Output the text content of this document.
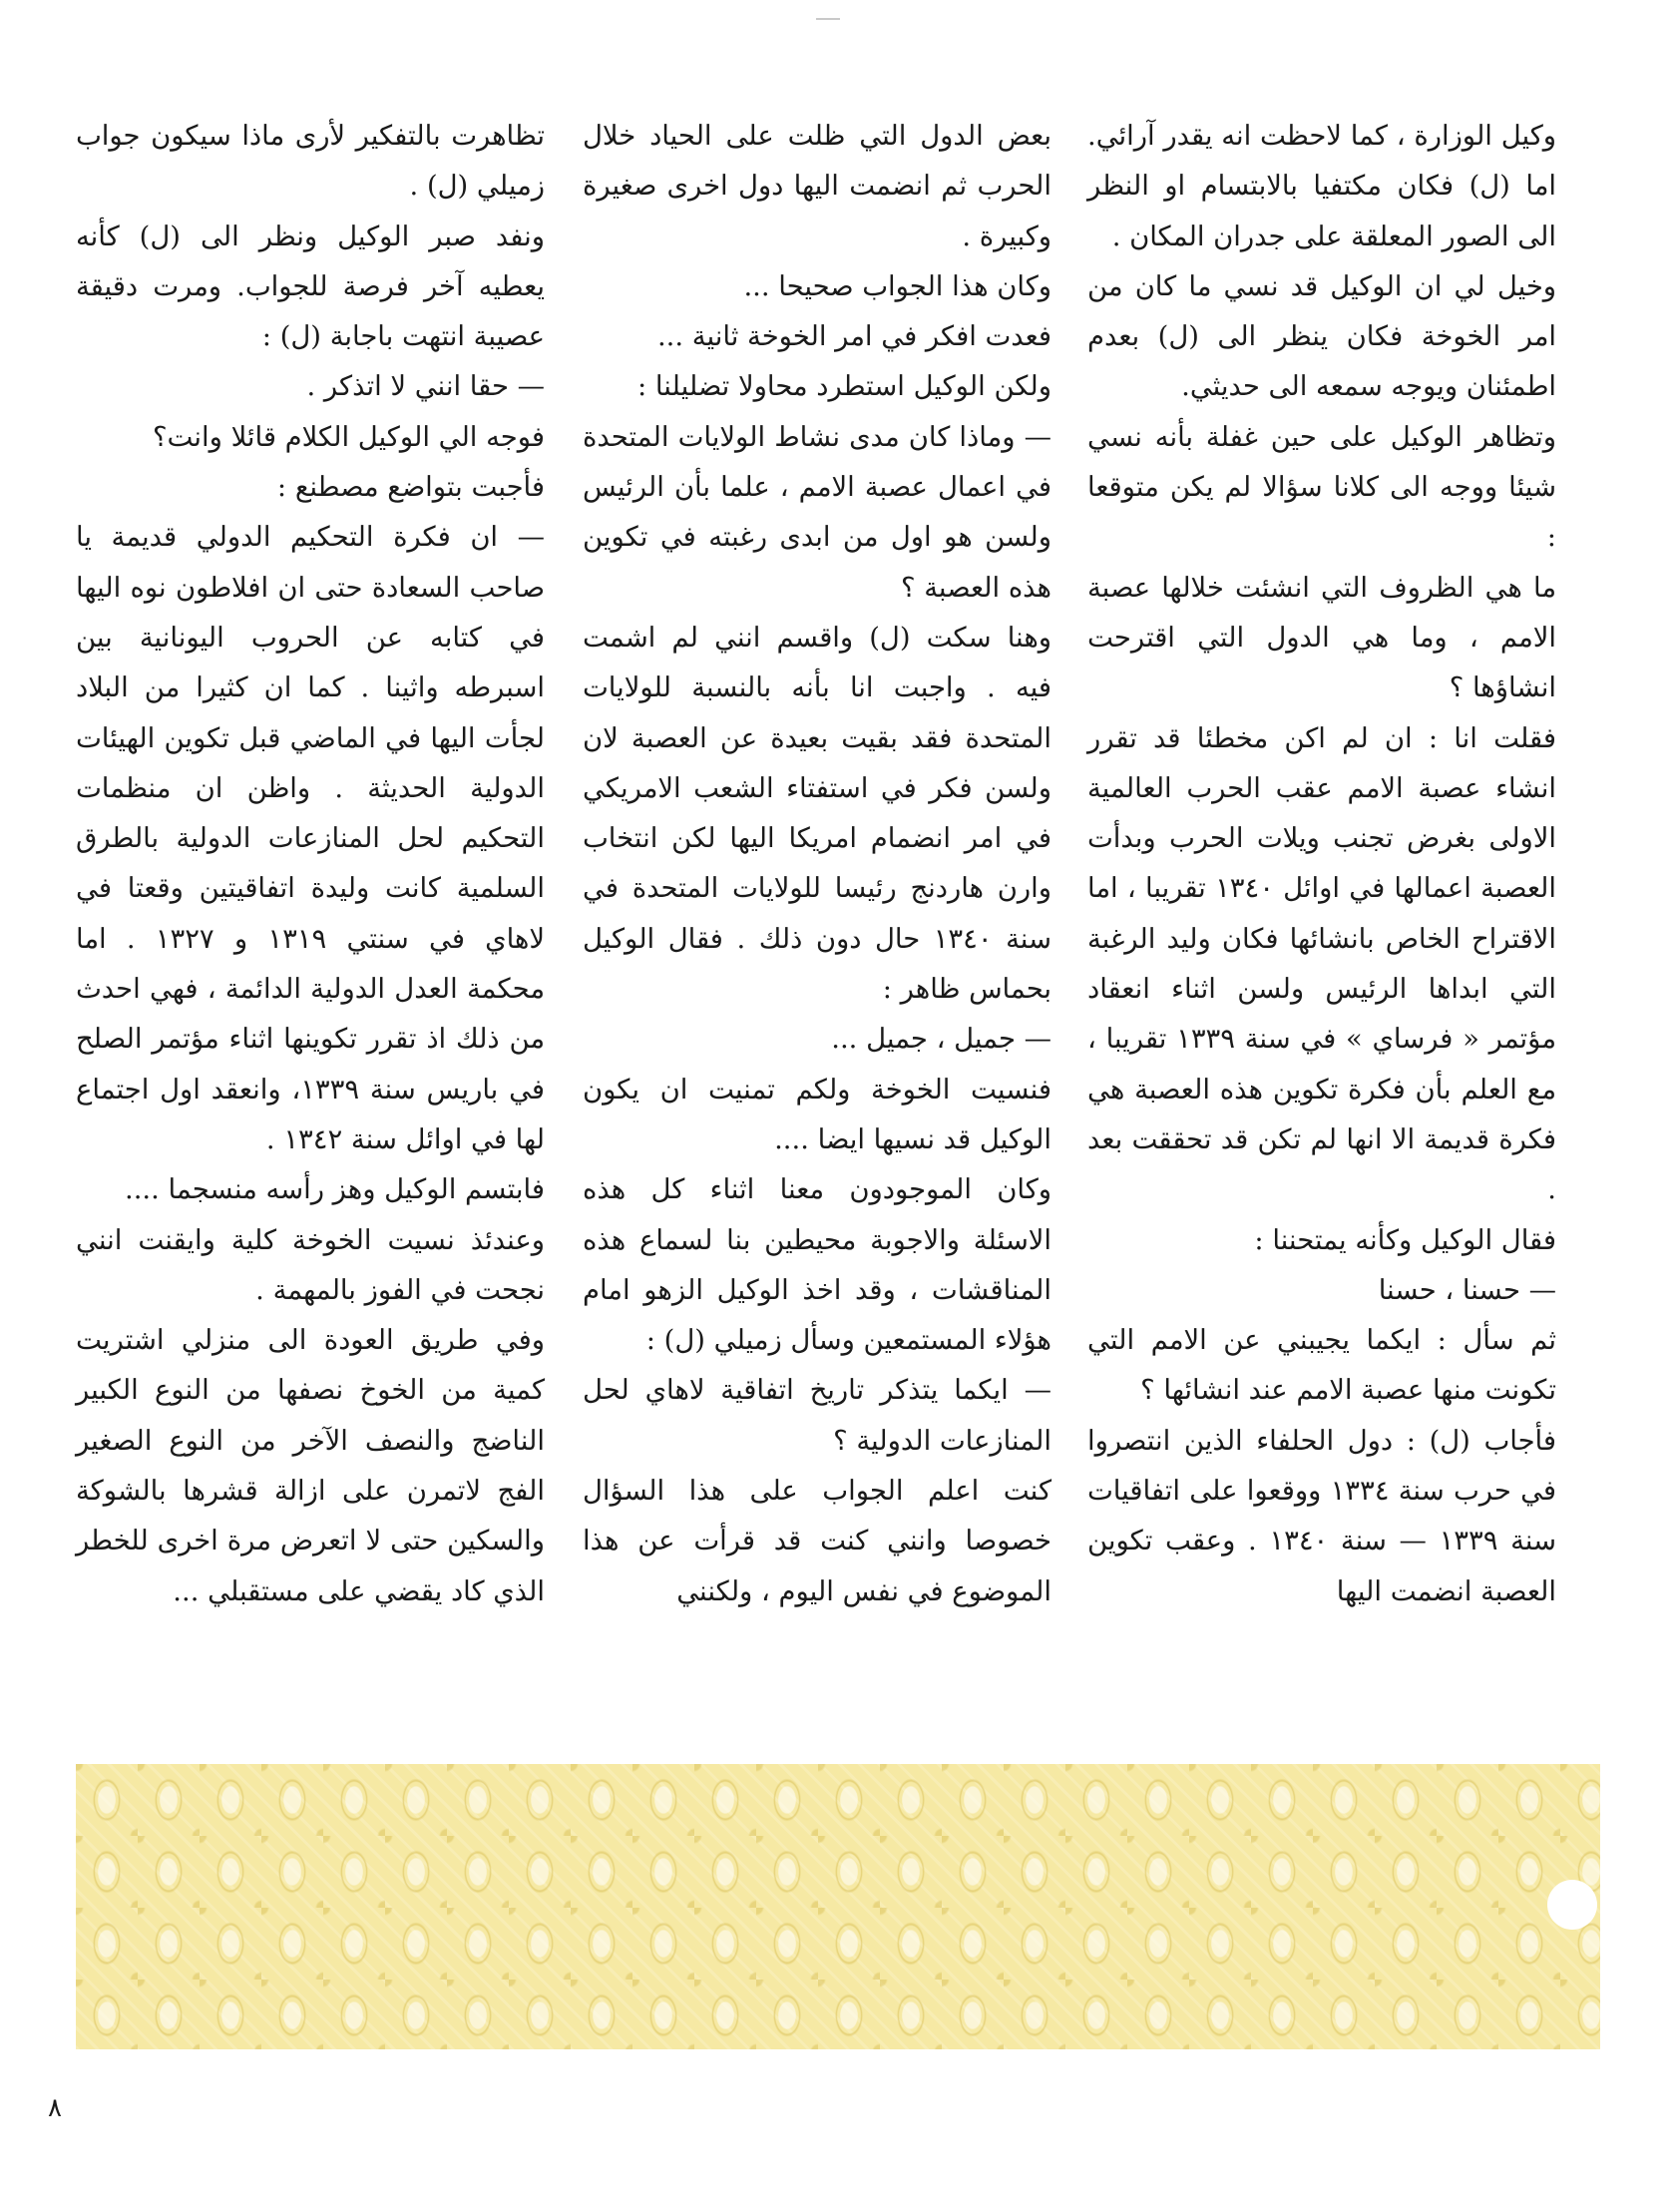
وكيل الوزارة ، كما لاحظت انه يقدر آرائي. اما (ل) فكان مكتفيا بالابتسام او النظر الى الصور المعلقة على جدران المكان .

وخيل لي ان الوكيل قد نسي ما كان من امر الخوخة فكان ينظر الى (ل) بعدم اطمئنان ويوجه سمعه الى حديثي.

وتظاهر الوكيل على حين غفلة بأنه نسي شيئا ووجه الى كلانا سؤالا لم يكن متوقعا :

ما هي الظروف التي انشئت خلالها عصبة الامم ، وما هي الدول التي اقترحت انشاؤها ؟

فقلت انا : ان لم اكن مخطئا قد تقرر انشاء عصبة الامم عقب الحرب العالمية الاولى بغرض تجنب ويلات الحرب وبدأت العصبة اعمالها في اوائل ١٣٤٠ تقريبا ، اما الاقتراح الخاص بانشائها فكان وليد الرغبة التي ابداها الرئيس ولسن اثناء انعقاد مؤتمر « فرساي » في سنة ١٣٣٩ تقريبا ، مع العلم بأن فكرة تكوين هذه العصبة هي فكرة قديمة الا انها لم تكن قد تحققت بعد .

فقال الوكيل وكأنه يمتحننا :

— حسنا ، حسنا

ثم سأل : ايكما يجيبني عن الامم التي تكونت منها عصبة الامم عند انشائها ؟

فأجاب (ل) : دول الحلفاء الذين انتصروا في حرب سنة ١٣٣٤ ووقعوا على اتفاقيات سنة ١٣٣٩ — سنة ١٣٤٠ . وعقب تكوين العصبة انضمت اليها

بعض الدول التي ظلت على الحياد خلال الحرب ثم انضمت اليها دول اخرى صغيرة وكبيرة .

وكان هذا الجواب صحيحا ...

فعدت افكر في امر الخوخة ثانية ...

ولكن الوكيل استطرد محاولا تضليلنا :

— وماذا كان مدى نشاط الولايات المتحدة في اعمال عصبة الامم ، علما بأن الرئيس ولسن هو اول من ابدى رغبته في تكوين هذه العصبة ؟

وهنا سكت (ل) واقسم انني لم اشمت فيه . واجبت انا بأنه بالنسبة للولايات المتحدة فقد بقيت بعيدة عن العصبة لان ولسن فكر في استفتاء الشعب الامريكي في امر انضمام امريكا اليها لكن انتخاب وارن هاردنج رئيسا للولايات المتحدة في سنة ١٣٤٠ حال دون ذلك . فقال الوكيل بحماس ظاهر :

— جميل ، جميل ...

فنسيت الخوخة ولكم تمنيت ان يكون الوكيل قد نسيها ايضا ....

وكان الموجودون معنا اثناء كل هذه الاسئلة والاجوبة محيطين بنا لسماع هذه المناقشات ، وقد اخذ الوكيل الزهو امام هؤلاء المستمعين وسأل زميلي (ل) :

— ايكما يتذكر تاريخ اتفاقية لاهاي لحل المنازعات الدولية ؟

كنت اعلم الجواب على هذا السؤال خصوصا وانني كنت قد قرأت عن هذا الموضوع في نفس اليوم ، ولكنني

تظاهرت بالتفكير لأرى ماذا سيكون جواب زميلي (ل) .

ونفد صبر الوكيل ونظر الى (ل) كأنه يعطيه آخر فرصة للجواب. ومرت دقيقة عصيبة انتهت باجابة (ل) :

— حقا انني لا اتذكر .

فوجه الي الوكيل الكلام قائلا وانت؟

فأجبت بتواضع مصطنع :

— ان فكرة التحكيم الدولي قديمة يا صاحب السعادة حتى ان افلاطون نوه اليها في كتابه عن الحروب اليونانية بين اسبرطه واثينا . كما ان كثيرا من البلاد لجأت اليها في الماضي قبل تكوين الهيئات الدولية الحديثة . واظن ان منظمات التحكيم لحل المنازعات الدولية بالطرق السلمية كانت وليدة اتفاقيتين وقعتا في لاهاي في سنتي ١٣١٩ و ١٣٢٧ . اما محكمة العدل الدولية الدائمة ، فهي احدث من ذلك اذ تقرر تكوينها اثناء مؤتمر الصلح في باريس سنة ١٣٣٩، وانعقد اول اجتماع لها في اوائل سنة ١٣٤٢ .

فابتسم الوكيل وهز رأسه منسجما ....

وعندئذ نسيت الخوخة كلية وايقنت انني نجحت في الفوز بالمهمة .

وفي طريق العودة الى منزلي اشتريت كمية من الخوخ نصفها من النوع الكبير الناضج والنصف الآخر من النوع الصغير الفج لاتمرن على ازالة قشرها بالشوكة والسكين حتى لا اتعرض مرة اخرى للخطر الذي كاد يقضي على مستقبلي ...

٨
